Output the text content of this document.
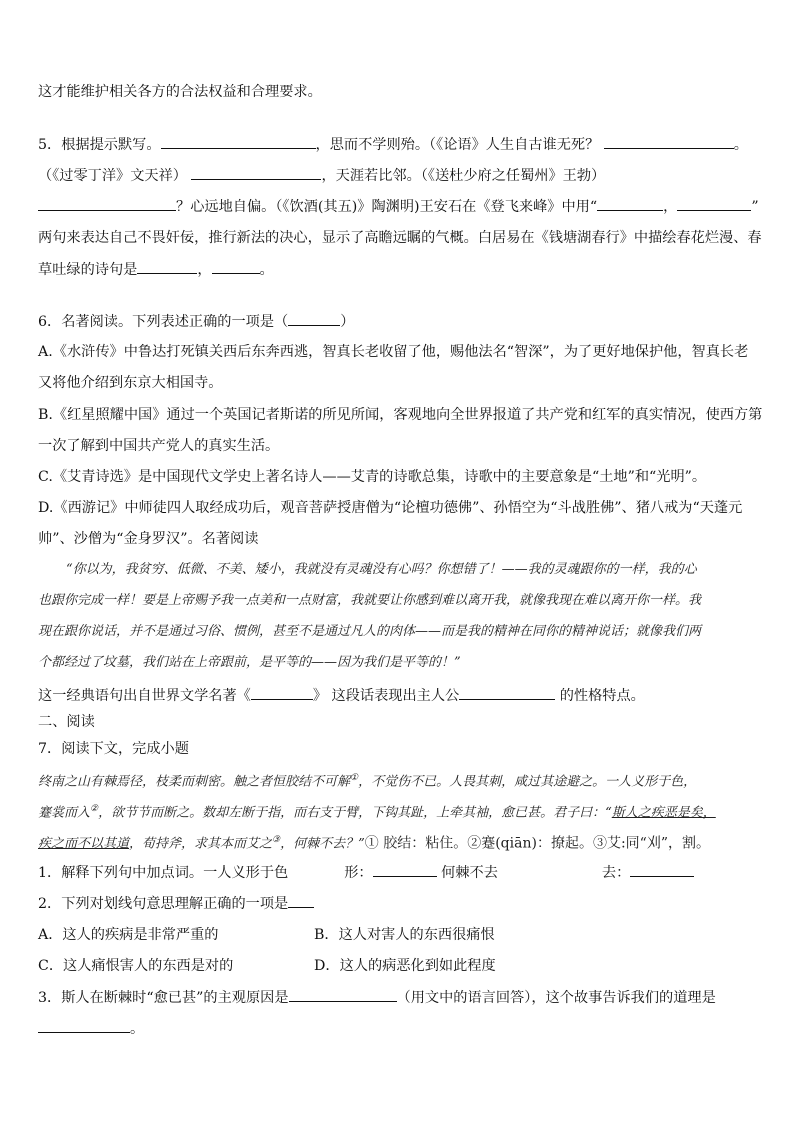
这才能维护相关各方的合法权益和合理要求。
5．根据提示默写。	，思而不学则殆。（《论语》人生自古谁无死？	。
（《过零丁洋》文天祥）	，天涯若比邻。（《送杜少府之任蜀州》王勃）
？心远地自偏。（《饮酒(其五)》陶渊明)王安石在《登飞来峰》中用“	，	”
两句来表达自己不畏奸佞，推行新法的决心，显示了高瞻远瞩的气概。白居易在《钱塘湖春行》中描绘春花烂漫、春
草吐绿的诗句是	，	。
6．名著阅读。下列表述正确的一项是（	）
A.《水浒传》中鲁达打死镇关西后东奔西逃，智真长老收留了他，赐他法名“智深”，为了更好地保护他，智真长老
又将他介绍到东京大相国寺。
B.《红星照耀中国》通过一个英国记者斯诺的所见所闻，客观地向全世界报道了共产党和红军的真实情况，使西方第
一次了解到中国共产党人的真实生活。
C.《艾青诗选》是中国现代文学史上著名诗人——艾青的诗歌总集，诗歌中的主要意象是“土地”和“光明”。
D.《西游记》中师徒四人取经成功后，观音菩萨授唐僧为“论檀功德佛”、孙悟空为“斗战胜佛”、猪八戒为“天蓬元
帅”、沙僧为“金身罗汉”。名著阅读
“你以为，我贫穷、低微、不美、矮小，我就没有灵魂没有心吗？你想错了！——我的灵魂跟你的一样，我的心
也跟你完成一样！要是上帝赐予我一点美和一点财富，我就要让你感到难以离开我，就像我现在难以离开你一样。我
现在跟你说话，并不是通过习俗、惯例，甚至不是通过凡人的肉体——而是我的精神在同你的精神说话；就像我们两
个都经过了坟墓，我们站在上帝跟前，是平等的——因为我们是平等的！”
这一经典语句出自世界文学名著《	》 这段话表现出主人公	的性格特点。
二、阅读
7．阅读下文，完成小题
终南之山有棘焉径，枝柔而刺密。触之者恒胶结不可解①，不觉伤不已。人畏其刺，咸过其途避之。一人义形于色，
蹇裳而入②，欲节节而断之。数却左断于指，而右支于臂，下钩其趾，上牵其袖，愈已甚。君子曰：“斯人之疾恶是矣，
疾之而不以其道，荀持斧，求其本而艾之③，何棘不去？”① 胶结：粘住。②蹇(qiān)：撩起。③艾:同“刈”，割。
1．解释下列句中加点词。一人义形于色	形：	何棘不去	去：
2．下列对划线句意思理解正确的一项是
A．这人的疾病是非常严重的	B．这人对害人的东西很痛恨
C．这人痛恨害人的东西是对的	D．这人的病恶化到如此程度
3．斯人在断棘时“愈已甚”的主观原因是	（用文中的语言回答），这个故事告诉我们的道理是
。
